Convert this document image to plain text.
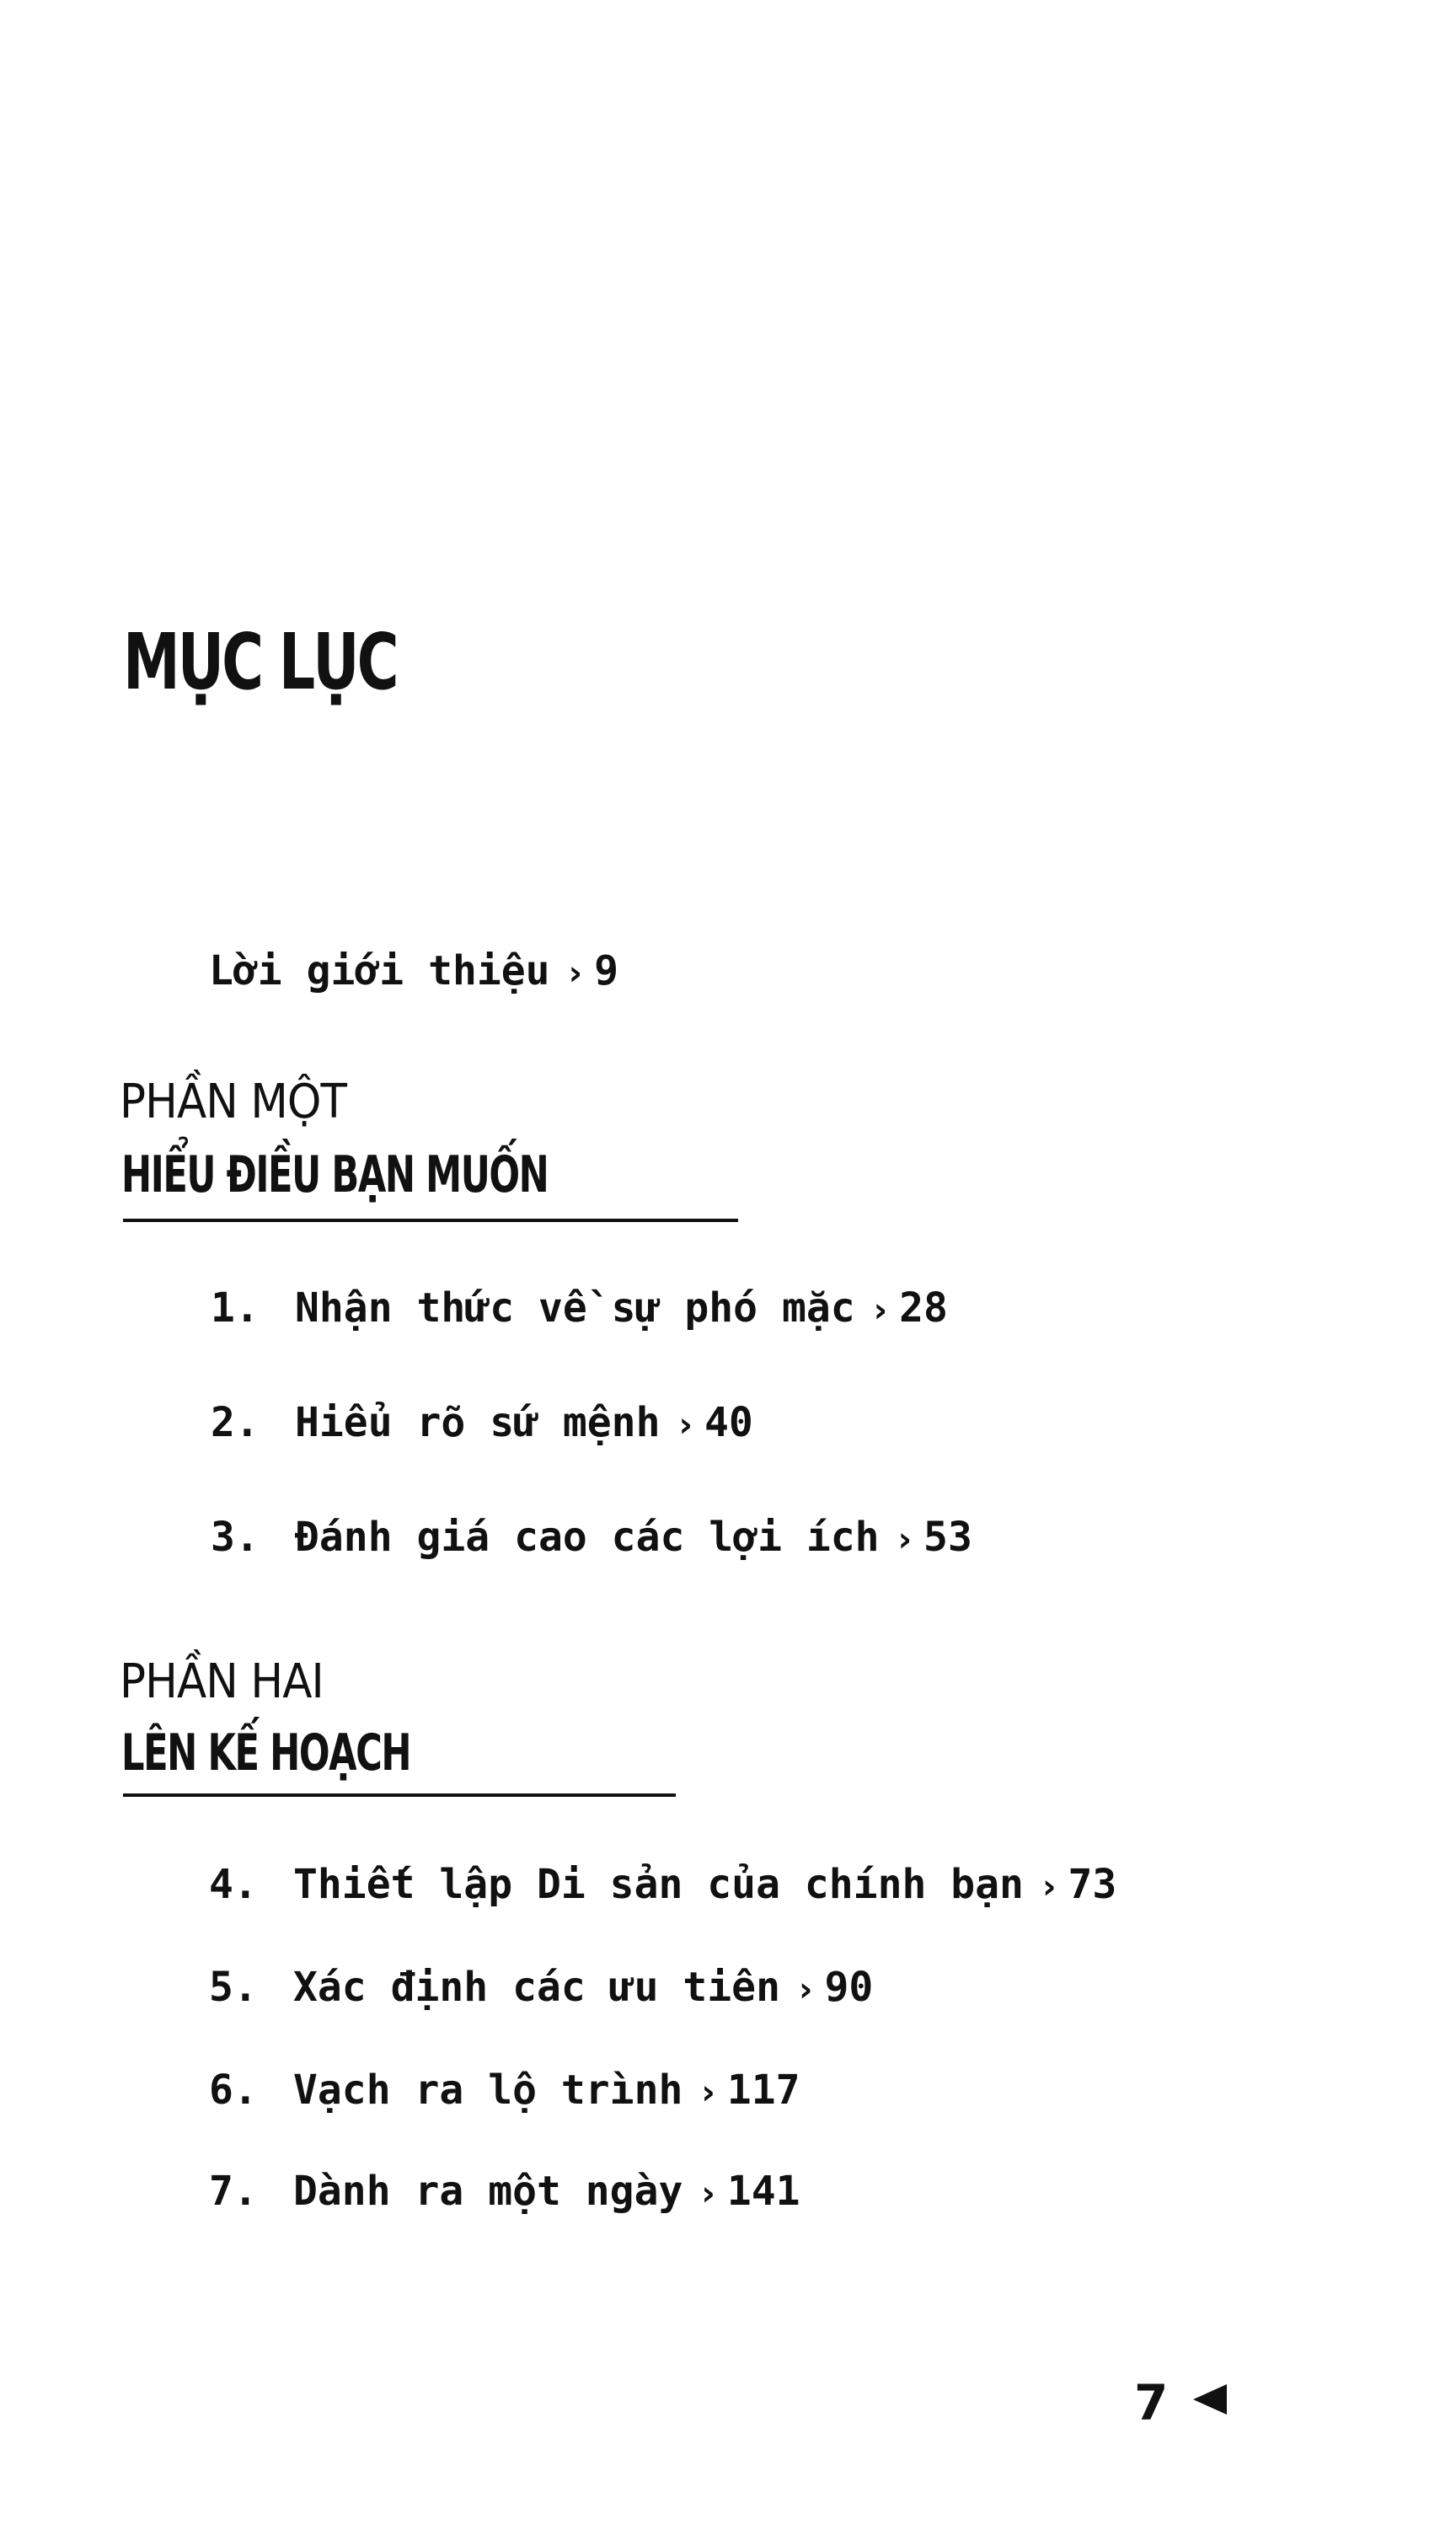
MỤC LỤC
Lời giới thiệu › 9
PHẦN MỘT
HIỂU ĐIỀU BẠN MUỐN
1. Nhận thức về sự phó mặc › 28
2. Hiểu rõ sứ mệnh › 40
3. Đánh giá cao các lợi ích › 53
PHẦN HAI
LÊN KẾ HOẠCH
4. Thiết lập Di sản của chính bạn › 73
5. Xác định các ưu tiên › 90
6. Vạch ra lộ trình › 117
7. Dành ra một ngày › 141
7
